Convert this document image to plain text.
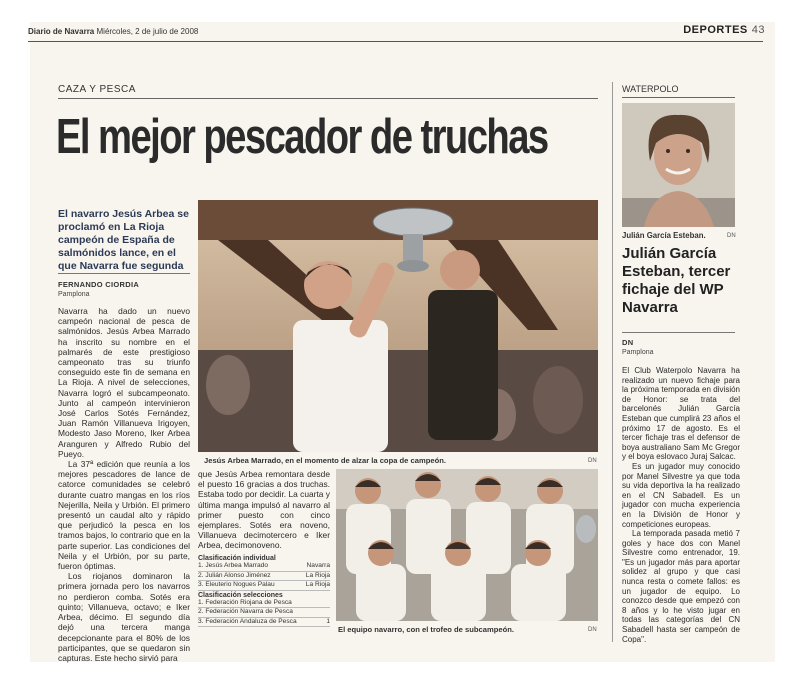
Diario de Navarra Miércoles, 2 de julio de 2008	DEPORTES 43
CAZA Y PESCA
El mejor pescador de truchas
El navarro Jesús Arbea se proclamó en La Rioja campeón de España de salmónidos lance, en el que Navarra fue segunda
FERNANDO CIORDIA
Pamplona

Navarra ha dado un nuevo campeón nacional de pesca de salmónidos. Jesús Arbea Marrado ha inscrito su nombre en el palmarés de este prestigioso campeonato tras su triunfo conseguido este fin de semana en La Rioja. A nivel de selecciones, Navarra logró el subcampeonato. Junto al campeón intervinieron José Carlos Sotés Fernández, Juan Ramón Villanueva Irigoyen, Modesto Jaso Moreno, Iker Arbea Aranguren y Alfredo Rubio del Pueyo.

La 37ª edición que reunía a los mejores pescadores de lance de catorce comunidades se celebró durante cuatro mangas en los ríos Nejerilla, Neila y Urbión. El primero presentó un caudal alto y rápido que perjudicó la pesca en los tramos bajos, lo contrario que en la parte superior. Las condiciones del Neila y el Urbión, por su parte, fueron óptimas.

Los riojanos dominaron la primera jornada pero los navarros no perdieron comba. Sotés era quinto; Villanueva, octavo; e Iker Arbea, décimo. El segundo día dejó una tercera manga decepcionante para el 80% de los participantes, que se quedaron sin capturas. Este hecho sirvió para

Jesús Arbea Marrado, en el momento de alzar la copa de campeón.	DN

que Jesús Arbea remontara desde el puesto 16 gracias a dos truchas. Estaba todo por decidir. La cuarta y última manga impulsó al navarro al primer puesto con cinco ejemplares. Sotés era noveno, Villanueva decimotercero e Iker Arbea, decimonoveno.

Clasificación individual
1. Jesús Arbea Marrado	Navarra
2. Julián Alonso Jiménez	La Rioja
3. Eleuterio Nogues Palau	La Rioja
Clasificación selecciones
1. Federación Riojana de Pesca
2. Federación Navarra de Pesca
3. Federación Andaluza de Pesca	1
El equipo navarro, con el trofeo de subcampeón.	DN
WATERPOLO
Julián García Esteban.	DN
Julián García Esteban, tercer fichaje del WP Navarra
DN
Pamplona

El Club Waterpolo Navarra ha realizado un nuevo fichaje para la próxima temporada en división de Honor: se trata del barcelonés Julián García Esteban que cumplirá 23 años el próximo 17 de agosto. Es el tercer fichaje tras el defensor de boya australiano Sam Mc Gregor y el boya eslovaco Juraj Salcac.

Es un jugador muy conocido por Manel Silvestre ya que toda su vida deportiva la ha realizado en el CN Sabadell. Es un jugador con mucha experiencia en la División de Honor y competiciones europeas.

La temporada pasada metió 7 goles y hace dos con Manel Silvestre como entrenador, 19. "Es un jugador más para aportar solidez al grupo y que casi nunca resta o comete fallos: es un jugador de equipo. Lo conozco desde que empezó con 8 años y lo he visto jugar en todas las categorías del CN Sabadell hasta ser campeón de Copa".
